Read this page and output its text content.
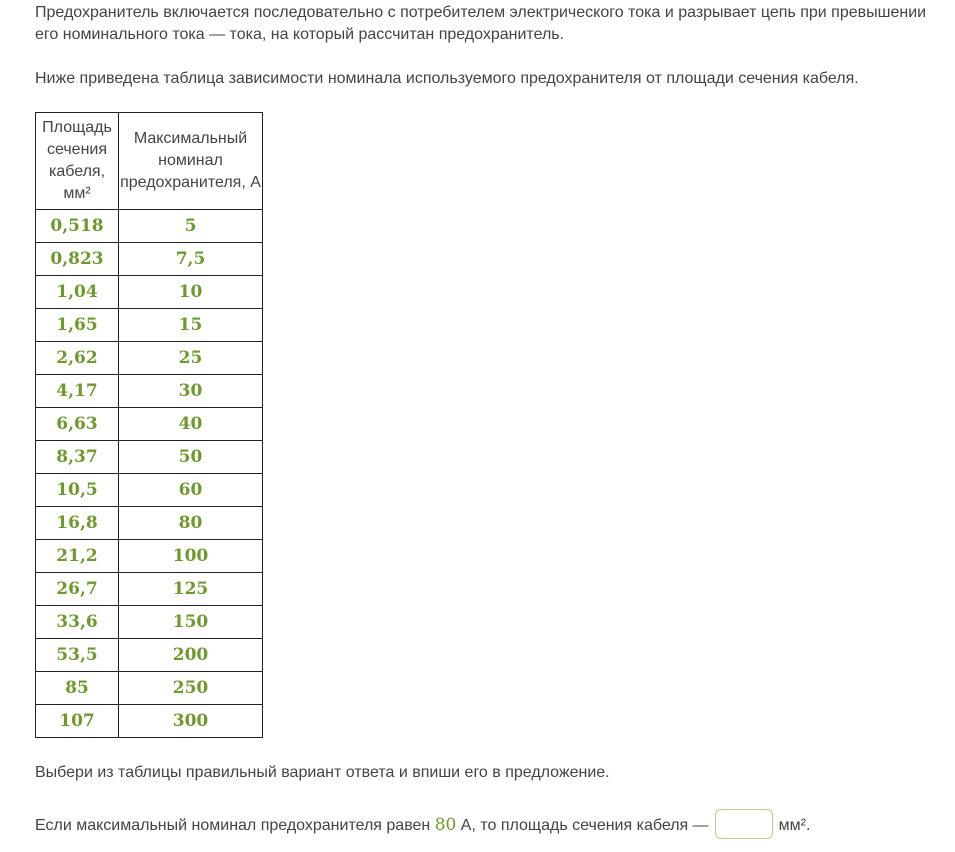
Предохранитель включается последовательно с потребителем электрического тока и разрывает цепь при превышении его номинального тока — тока, на который рассчитан предохранитель.

Ниже приведена таблица зависимости номинала используемого предохранителя от площади сечения кабеля.

Площадь сечения кабеля, мм²	Максимальный номинал предохранителя, А
0,518	5
0,823	7,5
1,04	10
1,65	15
2,62	25
4,17	30
6,63	40
8,37	50
10,5	60
16,8	80
21,2	100
26,7	125
33,6	150
53,5	200
85	250
107	300

Выбери из таблицы правильный вариант ответа и впиши его в предложение.

Если максимальный номинал предохранителя равен 80 А, то площадь сечения кабеля —	мм².
